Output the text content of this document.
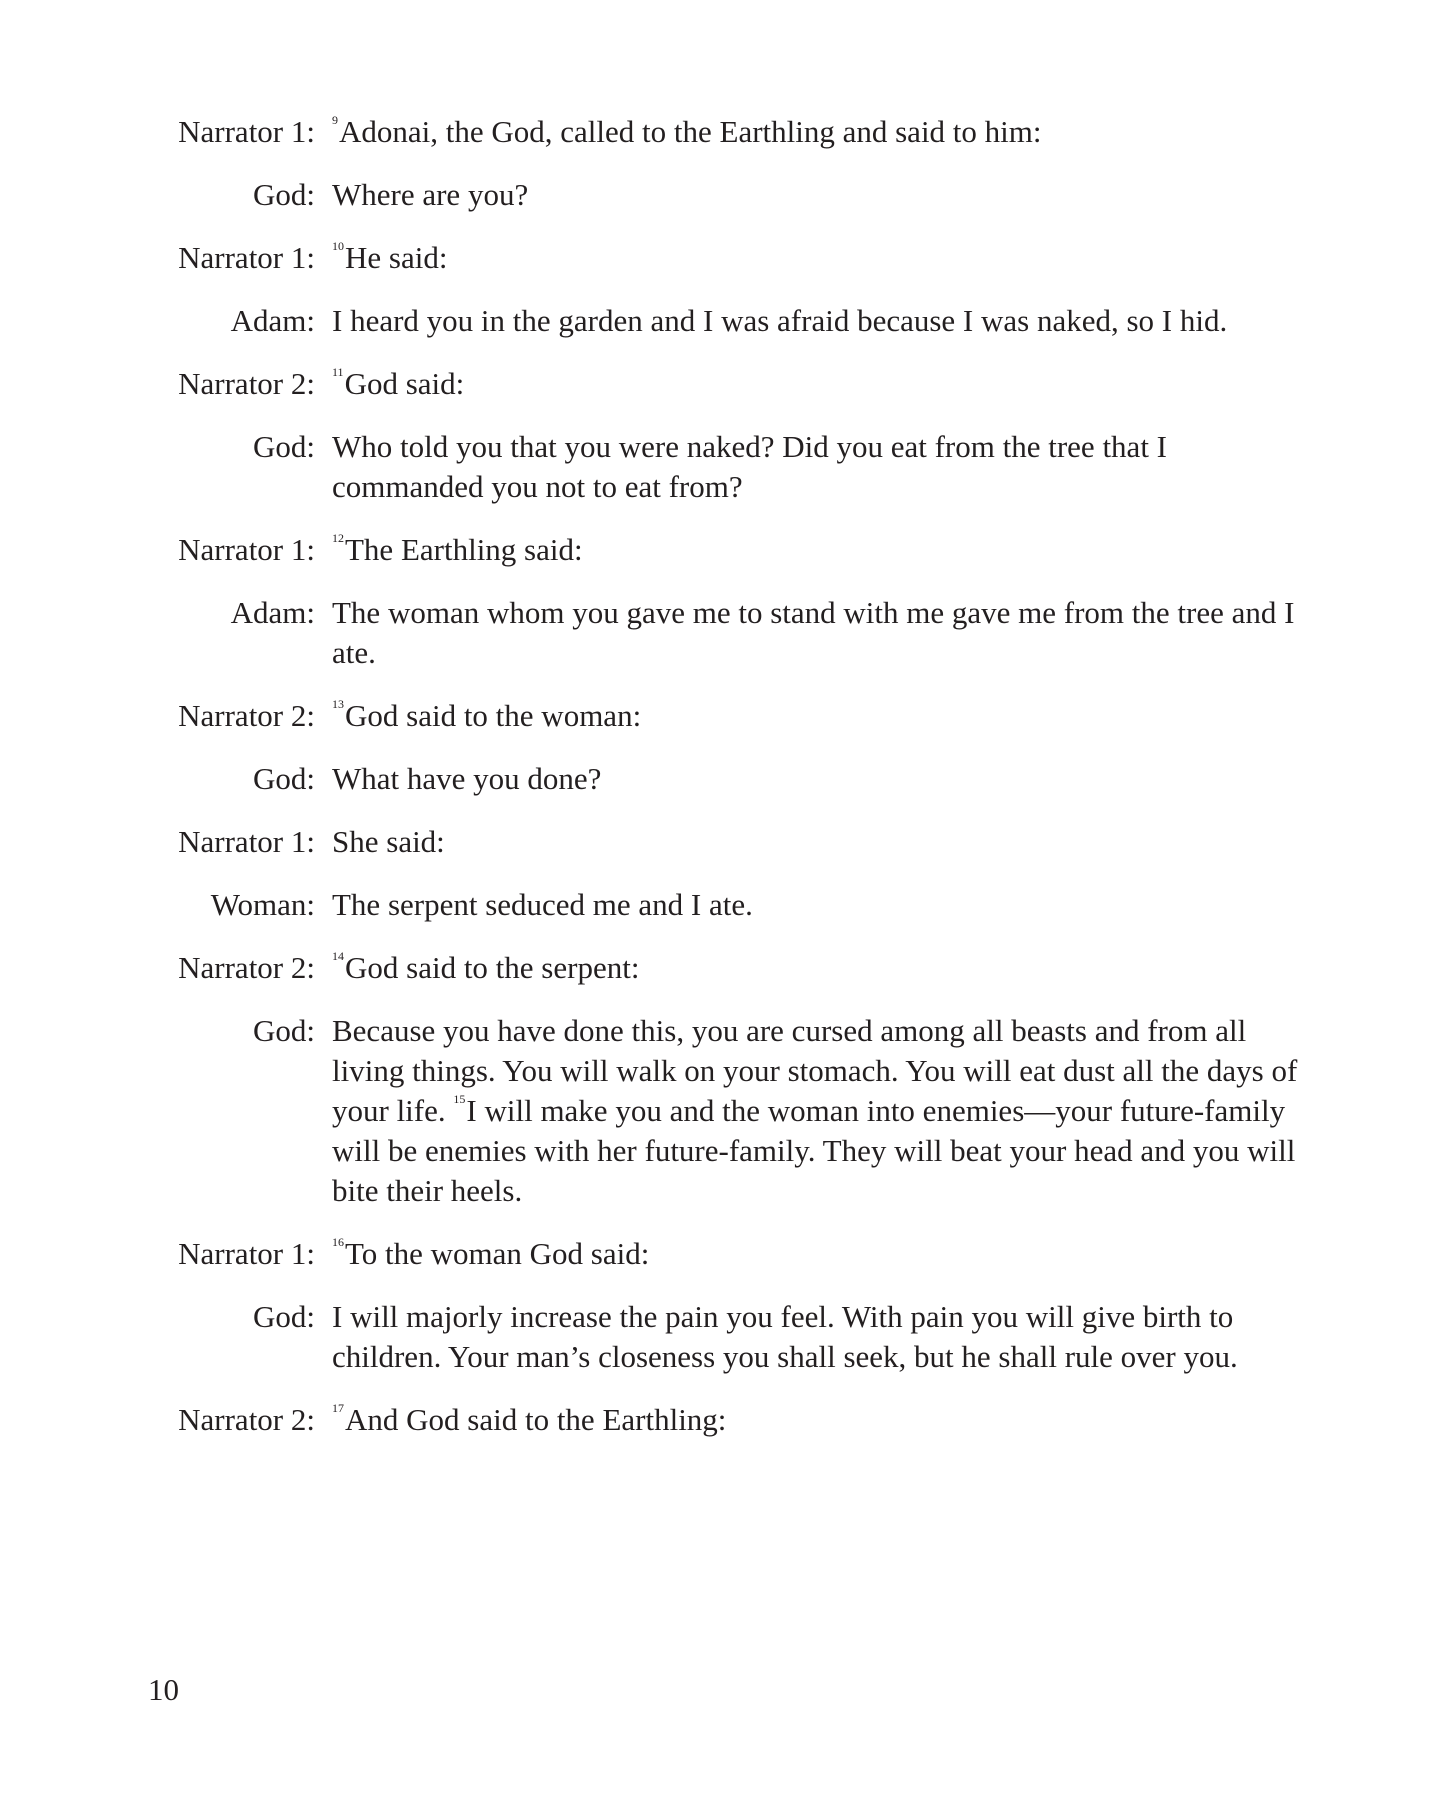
Narrator 1: $^9$Adonai, the God, called to the Earthling and said to him:
God: Where are you?
Narrator 1: $^{10}$He said:
Adam: I heard you in the garden and I was afraid because I was naked, so I hid.
Narrator 2: $^{11}$God said:
God: Who told you that you were naked? Did you eat from the tree that I commanded you not to eat from?
Narrator 1: $^{12}$The Earthling said:
Adam: The woman whom you gave me to stand with me gave me from the tree and I ate.
Narrator 2: $^{13}$God said to the woman:
God: What have you done?
Narrator 1: She said:
Woman: The serpent seduced me and I ate.
Narrator 2: $^{14}$God said to the serpent:
God: Because you have done this, you are cursed among all beasts and from all living things. You will walk on your stomach. You will eat dust all the days of your life. $^{15}$I will make you and the woman into enemies—your future-family will be enemies with her future-family. They will beat your head and you will bite their heels.
Narrator 1: $^{16}$To the woman God said:
God: I will majorly increase the pain you feel. With pain you will give birth to children. Your man’s closeness you shall seek, but he shall rule over you.
Narrator 2: $^{17}$And God said to the Earthling:
10
